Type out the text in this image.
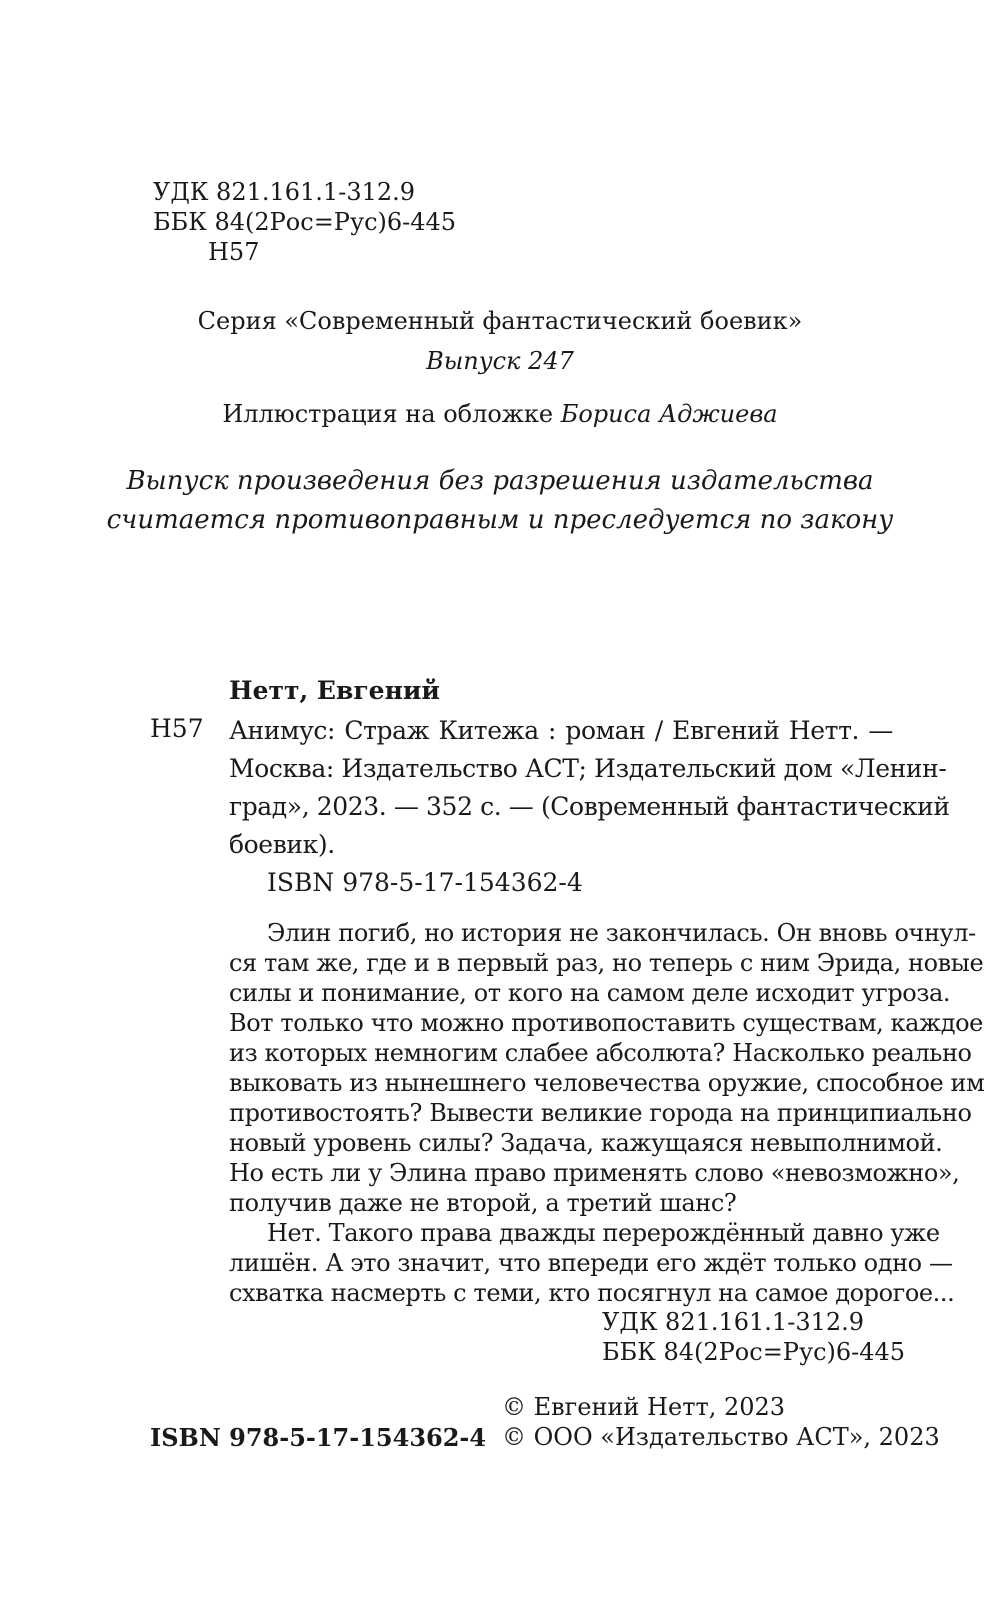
УДК 821.161.1-312.9
ББК 84(2Рос=Рус)6-445
Н57
Серия «Современный фантастический боевик»
Выпуск 247
Иллюстрация на обложке Бориса Аджиева
Выпуск произведения без разрешения издательства
считается противоправным и преследуется по закону
Нетт, Евгений
Н57 Анимус: Страж Китежа : роман / Евгений Нетт. —
Москва: Издательство АСТ; Издательский дом «Ленин-
град», 2023. — 352 с. — (Современный фантастический
боевик).
ISBN 978-5-17-154362-4
Элин погиб, но история не закончилась. Он вновь очнул-
ся там же, где и в первый раз, но теперь с ним Эрида, новые
силы и понимание, от кого на самом деле исходит угроза.
Вот только что можно противопоставить существам, каждое
из которых немногим слабее абсолюта? Насколько реально
выковать из нынешнего человечества оружие, способное им
противостоять? Вывести великие города на принципиально
новый уровень силы? Задача, кажущаяся невыполнимой.
Но есть ли у Элина право применять слово «невозможно»,
получив даже не второй, а третий шанс?
Нет. Такого права дважды перерождённый давно уже
лишён. А это значит, что впереди его ждёт только одно —
схватка насмерть с теми, кто посягнул на самое дорогое...
УДК 821.161.1-312.9
ББК 84(2Рос=Рус)6-445
© Евгений Нетт, 2023
ISBN 978-5-17-154362-4 © ООО «Издательство АСТ», 2023
